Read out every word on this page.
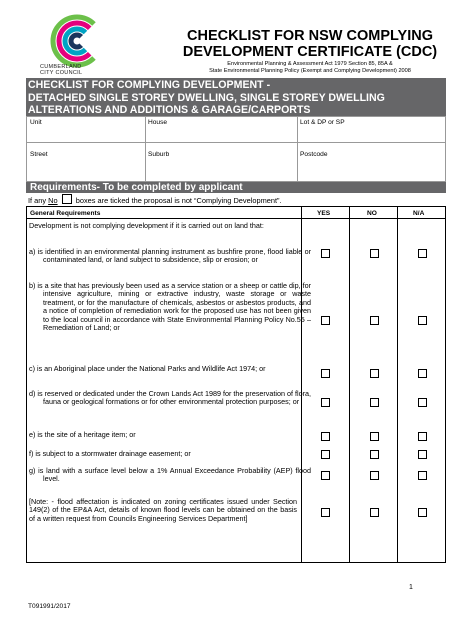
CUMBERLAND
CITY COUNCIL
CHECKLIST FOR NSW COMPLYING
DEVELOPMENT CERTIFICATE (CDC)
Environmental Planning & Assessment Act 1979 Section 85, 85A &
State Environmental Planning Policy (Exempt and Complying Development) 2008
CHECKLIST FOR COMPLYING DEVELOPMENT -
DETACHED SINGLE STOREY DWELLING, SINGLE STOREY DWELLING
ALTERATIONS AND ADDITIONS & GARAGE/CARPORTS
Unit	House	Lot & DP or SP
Street	Suburb	Postcode
Requirements- To be completed by applicant
If any No boxes are ticked the proposal is not “Complying Development”.
General Requirements	YES	NO	N/A
Development is not complying development if it is carried out on land that:
a) is identified in an environmental planning instrument as bushfire prone, flood liable or contaminated land, or land subject to subsidence, slip or erosion; or
b) is a site that has previously been used as a service station or a sheep or cattle dip, for intensive agriculture, mining or extractive industry, waste storage or waste treatment, or for the manufacture of chemicals, asbestos or asbestos products, and a notice of completion of remediation work for the proposed use has not been given to the local council in accordance with State Environmental Planning Policy No.55 – Remediation of Land; or
c) is an Aboriginal place under the National Parks and Wildlife Act 1974; or
d) is reserved or dedicated under the Crown Lands Act 1989 for the preservation of flora, fauna or geological formations or for other environmental protection purposes; or
e) is the site of a heritage item; or
f) is subject to a stormwater drainage easement; or
g) is land with a surface level below a 1% Annual Exceedance Probability (AEP) flood level.
[Note: - flood affectation is indicated on zoning certificates issued under Section 149(2) of the EP&A Act, details of known flood levels can be obtained on the basis of a written request from Councils Engineering Services Department]
1
T091991/2017
